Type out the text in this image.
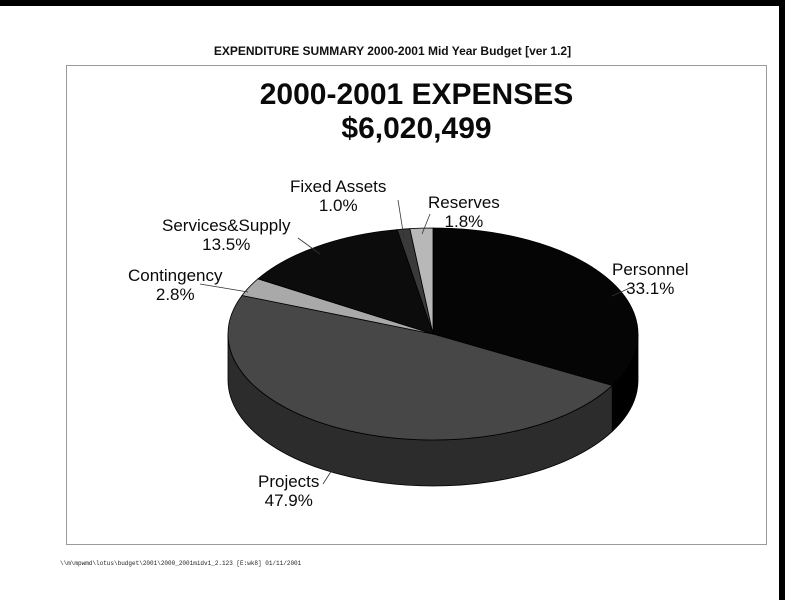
EXPENDITURE SUMMARY 2000-2001 Mid Year Budget [ver 1.2]
2000-2001 EXPENSES
$6,020,499
Personnel
33.1%
Projects
47.9%
Contingency
2.8%
Services&Supply
13.5%
Fixed Assets
1.0%	Reserves
1.8%
\\m\mpwmd\lotus\budget\2001\2000_2001midv1_2.123 [E:wk8] 01/11/2001
